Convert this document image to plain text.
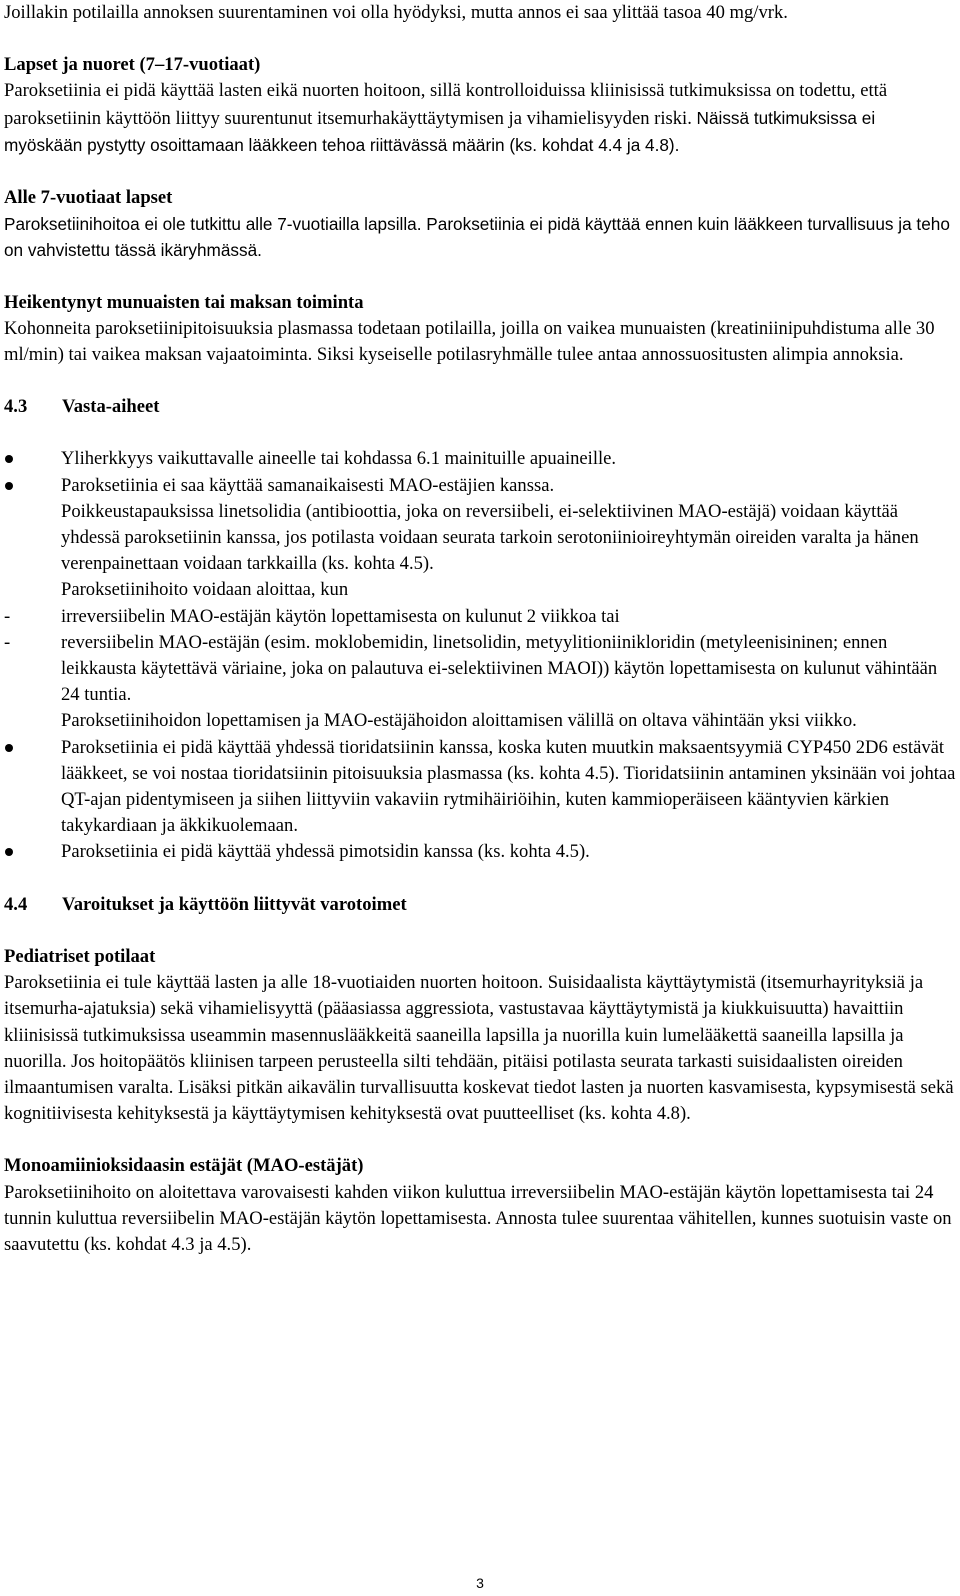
Joillakin potilailla annoksen suurentaminen voi olla hyödyksi, mutta annos ei saa ylittää tasoa 40 mg/vrk.

Lapset ja nuoret (7–17-vuotiaat)

Paroksetiinia ei pidä käyttää lasten eikä nuorten hoitoon, sillä kontrolloiduissa kliinisissä tutkimuksissa on todettu, että paroksetiinin käyttöön liittyy suurentunut itsemurhakäyttäytymisen ja vihamielisyyden riski. Näissä tutkimuksissa ei myöskään pystytty osoittamaan lääkkeen tehoa riittävässä määrin (ks. kohdat 4.4 ja 4.8).

Alle 7-vuotiaat lapset

Paroksetiinihoitoa ei ole tutkittu alle 7-vuotiailla lapsilla. Paroksetiinia ei pidä käyttää ennen kuin lääkkeen turvallisuus ja teho on vahvistettu tässä ikäryhmässä.

Heikentynyt munuaisten tai maksan toiminta

Kohonneita paroksetiinipitoisuuksia plasmassa todetaan potilailla, joilla on vaikea munuaisten (kreatiniinipuhdistuma alle 30 ml/min) tai vaikea maksan vajaatoiminta. Siksi kyseiselle potilasryhmälle tulee antaa annossuositusten alimpia annoksia.

4.3 Vasta-aiheet

Yliherkkyys vaikuttavalle aineelle tai kohdassa 6.1 mainituille apuaineille.

Paroksetiinia ei saa käyttää samanaikaisesti MAO-estäjien kanssa.

Poikkeustapauksissa linetsolidia (antibioottia, joka on reversiibeli, ei-selektiivinen MAO-estäjä) voidaan käyttää yhdessä paroksetiinin kanssa, jos potilasta voidaan seurata tarkoin serotoniinioireyhtymän oireiden varalta ja hänen verenpainettaan voidaan tarkkailla (ks. kohta 4.5).

Paroksetiinihoito voidaan aloittaa, kun

-	irreversiibelin MAO-estäjän käytön lopettamisesta on kulunut 2 viikkoa tai
-	reversiibelin MAO-estäjän (esim. moklobemidin, linetsolidin, metyylitioniinikloridin (metyleenisininen; ennen leikkausta käytettävä väriaine, joka on palautuva ei-selektiivinen MAOI)) käytön lopettamisesta on kulunut vähintään 24 tuntia.

Paroksetiinihoidon lopettamisen ja MAO-estäjähoidon aloittamisen välillä on oltava vähintään yksi viikko.

Paroksetiinia ei pidä käyttää yhdessä tioridatsiinin kanssa, koska kuten muutkin maksaentsyymiä CYP450 2D6 estävät lääkkeet, se voi nostaa tioridatsiinin pitoisuuksia plasmassa (ks. kohta 4.5). Tioridatsiinin antaminen yksinään voi johtaa QT-ajan pidentymiseen ja siihen liittyviin vakaviin rytmihäiriöihin, kuten kammioperäiseen kääntyvien kärkien takykardiaan ja äkkikuolemaan.
Paroksetiinia ei pidä käyttää yhdessä pimotsidin kanssa (ks. kohta 4.5).

4.4 Varoitukset ja käyttöön liittyvät varotoimet

Pediatriset potilaat

Paroksetiinia ei tule käyttää lasten ja alle 18-vuotiaiden nuorten hoitoon. Suisidaalista käyttäytymistä (itsemurhayrityksiä ja itsemurha-ajatuksia) sekä vihamielisyyttä (pääasiassa aggressiota, vastustavaa käyttäytymistä ja kiukkuisuutta) havaittiin kliinisissä tutkimuksissa useammin masennuslääkkeitä saaneilla lapsilla ja nuorilla kuin lumelääkettä saaneilla lapsilla ja nuorilla. Jos hoitopäätös kliinisen tarpeen perusteella silti tehdään, pitäisi potilasta seurata tarkasti suisidaalisten oireiden ilmaantumisen varalta. Lisäksi pitkän aikavälin turvallisuutta koskevat tiedot lasten ja nuorten kasvamisesta, kypsymisestä sekä kognitiivisesta kehityksestä ja käyttäytymisen kehityksestä ovat puutteelliset (ks. kohta 4.8).

Monoamiinioksidaasin estäjät (MAO-estäjät)

Paroksetiinihoito on aloitettava varovaisesti kahden viikon kuluttua irreversiibelin MAO-estäjän käytön lopettamisesta tai 24 tunnin kuluttua reversiibelin MAO-estäjän käytön lopettamisesta. Annosta tulee suurentaa vähitellen, kunnes suotuisin vaste on saavutettu (ks. kohdat 4.3 ja 4.5).

3
